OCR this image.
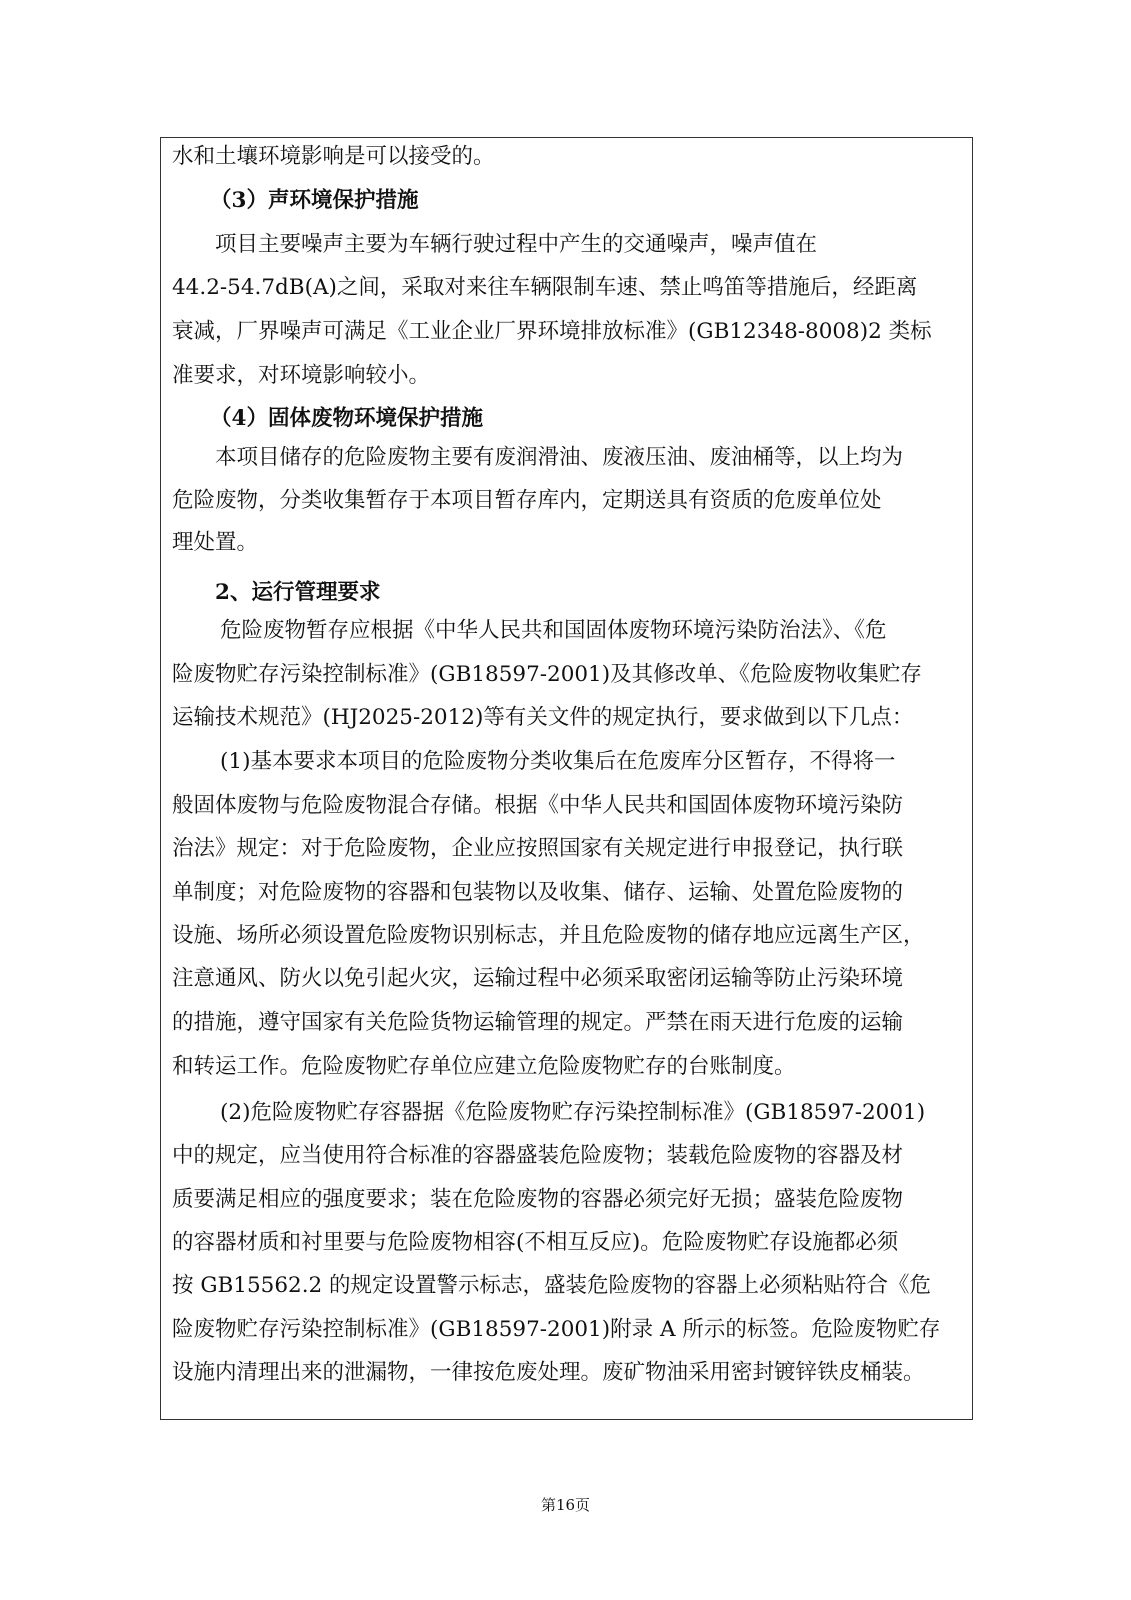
水和土壤环境影响是可以接受的。
（3）声环境保护措施
项目主要噪声主要为车辆行驶过程中产生的交通噪声，噪声值在
44.2-54.7dB(A)之间，采取对来往车辆限制车速、禁止鸣笛等措施后，经距离
衰减，厂界噪声可满足《工业企业厂界环境排放标准》(GB12348-8008)2 类标
准要求，对环境影响较小。
（4）固体废物环境保护措施
本项目储存的危险废物主要有废润滑油、废液压油、废油桶等，以上均为
危险废物，分类收集暂存于本项目暂存库内，定期送具有资质的危废单位处
理处置。
2、运行管理要求
危险废物暂存应根据《中华人民共和国固体废物环境污染防治法》、《危
险废物贮存污染控制标准》(GB18597-2001)及其修改单、《危险废物收集贮存
运输技术规范》(HJ2025-2012)等有关文件的规定执行，要求做到以下几点：
(1)基本要求本项目的危险废物分类收集后在危废库分区暂存，不得将一
般固体废物与危险废物混合存储。根据《中华人民共和国固体废物环境污染防
治法》规定：对于危险废物，企业应按照国家有关规定进行申报登记，执行联
单制度；对危险废物的容器和包装物以及收集、储存、运输、处置危险废物的
设施、场所必须设置危险废物识别标志，并且危险废物的储存地应远离生产区，
注意通风、防火以免引起火灾，运输过程中必须采取密闭运输等防止污染环境
的措施，遵守国家有关危险货物运输管理的规定。严禁在雨天进行危废的运输
和转运工作。危险废物贮存单位应建立危险废物贮存的台账制度。
(2)危险废物贮存容器据《危险废物贮存污染控制标准》(GB18597-2001)
中的规定，应当使用符合标准的容器盛装危险废物；装载危险废物的容器及材
质要满足相应的强度要求；装在危险废物的容器必须完好无损；盛装危险废物
的容器材质和衬里要与危险废物相容(不相互反应)。危险废物贮存设施都必须
按 GB15562.2 的规定设置警示标志，盛装危险废物的容器上必须粘贴符合《危
险废物贮存污染控制标准》(GB18597-2001)附录 A 所示的标签。危险废物贮存
设施内清理出来的泄漏物，一律按危废处理。废矿物油采用密封镀锌铁皮桶装。
第16页
